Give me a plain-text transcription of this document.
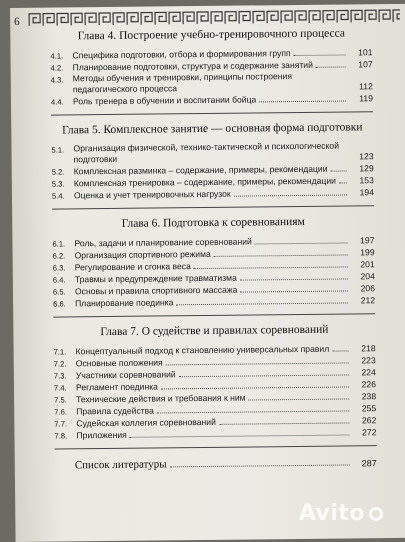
6
Глава 4. Построение учебно-тренировочного процесса
4.1.	Специфика подготовки, отбора и формирования групп	101
4.2.	Планирование подготовки, структура и содержание занятий	107
4.3.	Методы обучения и тренировки, принципы построения педагогического процесса	112
4.4.	Роль тренера в обучении и воспитании бойца	119
Глава 5. Комплексное занятие — основная форма подготовки
5.1.	Организация физической, технико-тактической и психологической подготовки	123
5.2.	Комплексная разминка – содержание, примеры, рекомендации	129
5.3.	Комплексная тренировка – содержание, примеры, рекомендации	153
5.4.	Оценка и учет тренировочных нагрузок	194
Глава 6. Подготовка к соревнованиям
6.1.	Роль, задачи и планирование соревнований	197
6.2.	Организация спортивного режима	199
6.3.	Регулирование и сгонка веса	201
6.4.	Травмы и предупреждение травматизма	204
6.5.	Основы и правила спортивного массажа	206
6.6.	Планирование поединка	212
Глава 7. О судействе и правилах соревнований
7.1.	Концептуальный подход к становлению универсальных правил	218
7.2.	Основные положения	223
7.3.	Участники соревнований	224
7.4.	Регламент поединка	226
7.5.	Технические действия и требования к ним	238
7.6.	Правила судейства	255
7.7.	Судейская коллегия соревнований	262
7.8.	Приложения	272
Список литературы	287
Avito
